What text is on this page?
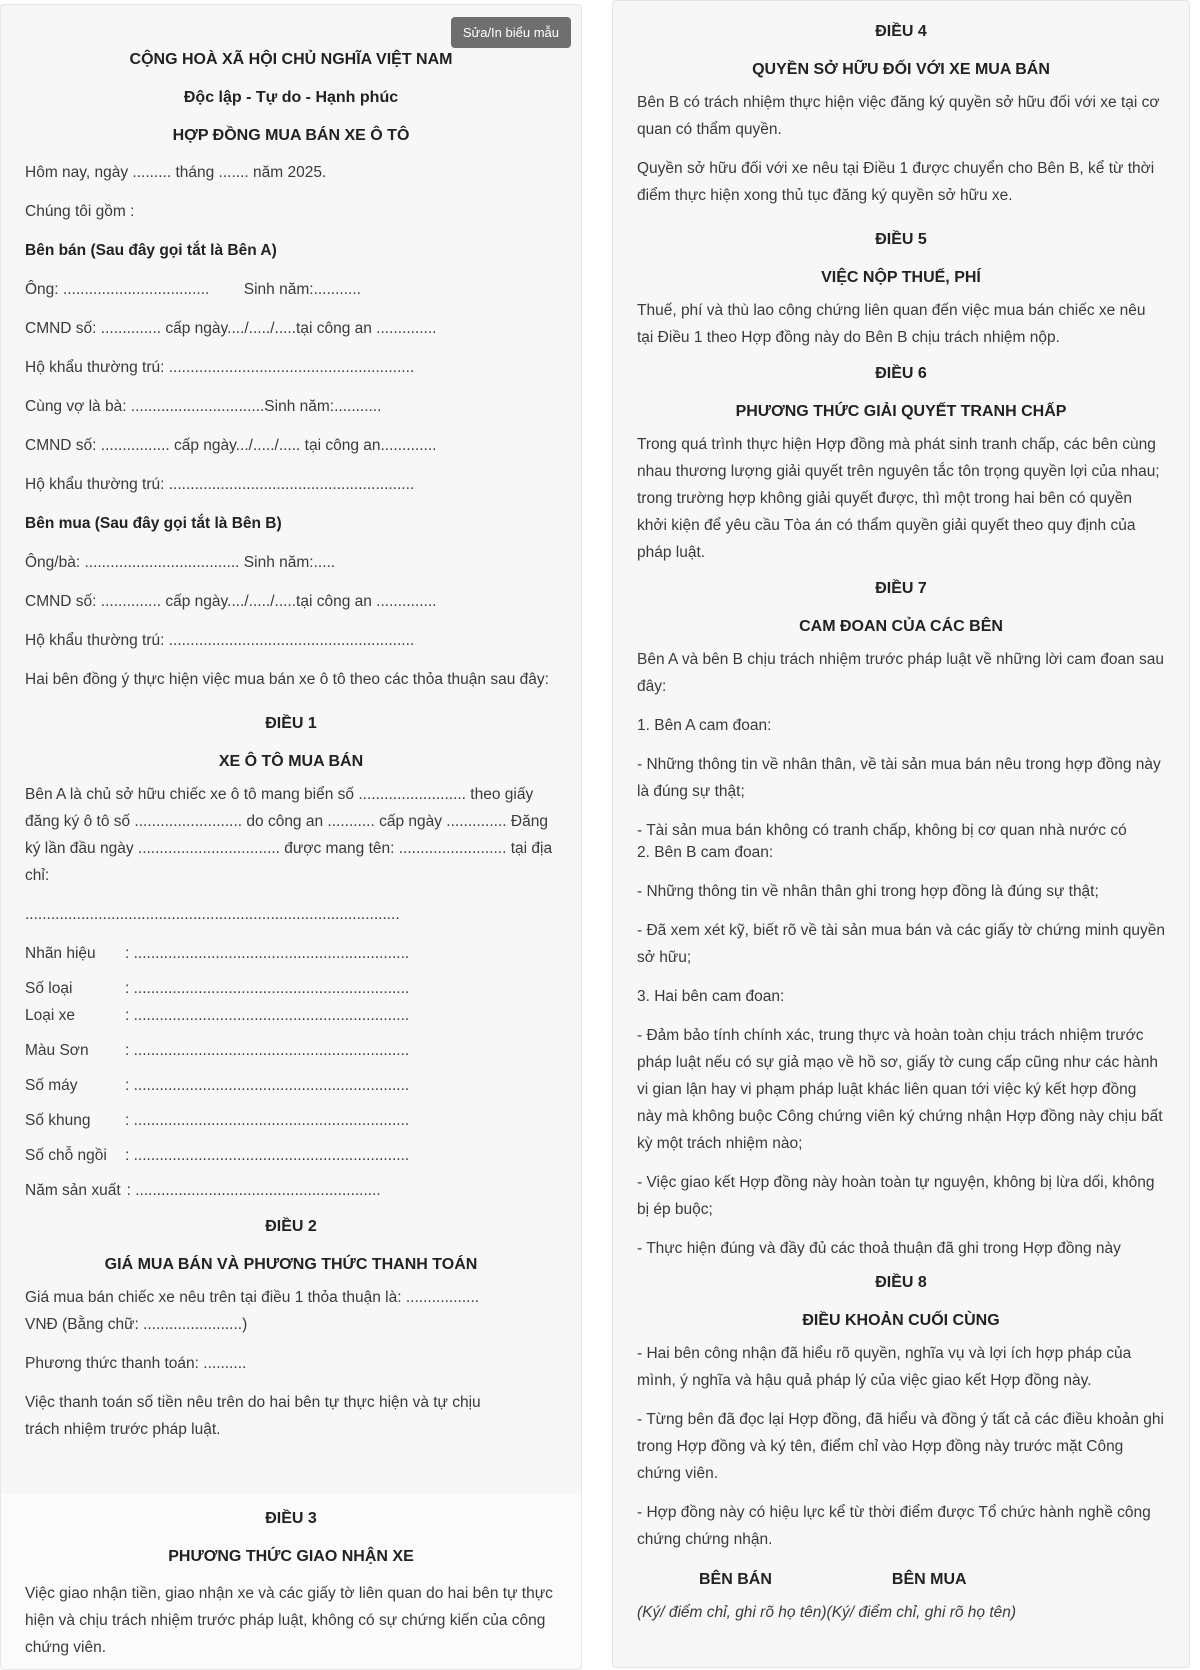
Sửa/In biểu mẫu
CỘNG HOÀ XÃ HỘI CHỦ NGHĨA VIỆT NAM
Độc lập - Tự do - Hạnh phúc
HỢP ĐỒNG MUA BÁN XE Ô TÔ

Hôm nay, ngày ......... tháng ....... năm 2025.

Chúng tôi gồm :

Bên bán (Sau đây gọi tắt là Bên A)

Ông: ..................................        Sinh năm:...........

CMND số: .............. cấp ngày..../...../.....tại công an ..............

Hộ khẩu thường trú: .........................................................

Cùng vợ là bà: ...............................Sinh năm:...........

CMND số: ................ cấp ngày.../...../..... tại công an.............

Hộ khẩu thường trú: .........................................................

Bên mua (Sau đây gọi tắt là Bên B)

Ông/bà: .................................... Sinh năm:.....

CMND số: .............. cấp ngày..../...../.....tại công an ..............

Hộ khẩu thường trú: .........................................................

Hai bên đồng ý thực hiện việc mua bán xe ô tô theo các thỏa thuận sau đây:

ĐIỀU 1
XE Ô TÔ MUA BÁN

Bên A là chủ sở hữu chiếc xe ô tô mang biển số ......................... theo giấy đăng ký ô tô số ......................... do công an ........... cấp ngày .............. Đăng ký lần đầu ngày ................................. được mang tên: ......................... tại địa chỉ:

.......................................................................................

Nhãn hiệu	: ................................................................
Số loại	: ................................................................
Loại xe	: ................................................................
Màu Sơn	: ................................................................
Số máy	: ................................................................
Số khung	: ................................................................
Số chỗ ngồi	: ................................................................
Năm sản xuất : .........................................................
ĐIỀU 2
GIÁ MUA BÁN VÀ PHƯƠNG THỨC THANH TOÁN

Giá mua bán chiếc xe nêu trên tại điều 1 thỏa thuận là: ................. VNĐ (Bằng chữ: .......................)

Phương thức thanh toán: ..........

Việc thanh toán số tiền nêu trên do hai bên tự thực hiện và tự chịu trách nhiệm trước pháp luật.

ĐIỀU 3
PHƯƠNG THỨC GIAO NHẬN XE

Việc giao nhận tiền, giao nhận xe và các giấy tờ liên quan do hai bên tự thực hiện và chịu trách nhiệm trước pháp luật, không có sự chứng kiến của công chứng viên.

ĐIỀU 4
QUYỀN SỞ HỮU ĐỐI VỚI XE MUA BÁN

Bên B có trách nhiệm thực hiện việc đăng ký quyền sở hữu đối với xe tại cơ quan có thẩm quyền.

Quyền sở hữu đối với xe nêu tại Điều 1 được chuyển cho Bên B, kể từ thời điểm thực hiện xong thủ tục đăng ký quyền sở hữu xe.

ĐIỀU 5
VIỆC NỘP THUẾ, PHÍ

Thuế, phí và thù lao công chứng liên quan đến việc mua bán chiếc xe nêu tại Điều 1 theo Hợp đồng này do Bên B chịu trách nhiệm nộp.

ĐIỀU 6
PHƯƠNG THỨC GIẢI QUYẾT TRANH CHẤP

Trong quá trình thực hiện Hợp đồng mà phát sinh tranh chấp, các bên cùng nhau thương lượng giải quyết trên nguyên tắc tôn trọng quyền lợi của nhau; trong trường hợp không giải quyết được, thì một trong hai bên có quyền khởi kiện để yêu cầu Tòa án có thẩm quyền giải quyết theo quy định của pháp luật.

ĐIỀU 7
CAM ĐOAN CỦA CÁC BÊN

Bên A và bên B chịu trách nhiệm trước pháp luật về những lời cam đoan sau đây:

1. Bên A cam đoan:

- Những thông tin về nhân thân, về tài sản mua bán nêu trong hợp đồng này là đúng sự thật;

- Tài sản mua bán không có tranh chấp, không bị cơ quan nhà nước có

2. Bên B cam đoan:

- Những thông tin về nhân thân ghi trong hợp đồng là đúng sự thật;

- Đã xem xét kỹ, biết rõ về tài sản mua bán và các giấy tờ chứng minh quyền sở hữu;

3. Hai bên cam đoan:

- Đảm bảo tính chính xác, trung thực và hoàn toàn chịu trách nhiệm trước pháp luật nếu có sự giả mạo về hồ sơ, giấy tờ cung cấp cũng như các hành vi gian lận hay vi phạm pháp luật khác liên quan tới việc ký kết hợp đồng này mà không buộc Công chứng viên ký chứng nhận Hợp đồng này chịu bất kỳ một trách nhiệm nào;

- Việc giao kết Hợp đồng này hoàn toàn tự nguyện, không bị lừa dối, không bị ép buộc;

- Thực hiện đúng và đầy đủ các thoả thuận đã ghi trong Hợp đồng này

ĐIỀU 8
ĐIỀU KHOẢN CUỐI CÙNG

- Hai bên công nhận đã hiểu rõ quyền, nghĩa vụ và lợi ích hợp pháp của mình, ý nghĩa và hậu quả pháp lý của việc giao kết Hợp đồng này.

- Từng bên đã đọc lại Hợp đồng, đã hiểu và đồng ý tất cả các điều khoản ghi trong Hợp đồng và ký tên, điểm chỉ vào Hợp đồng này trước mặt Công chứng viên.

- Hợp đồng này có hiệu lực kể từ thời điểm được Tổ chức hành nghề công chứng chứng nhận.

BÊN BÁN	BÊN MUA

(Ký/ điểm chỉ, ghi rõ họ tên)(Ký/ điểm chỉ, ghi rõ họ tên)
